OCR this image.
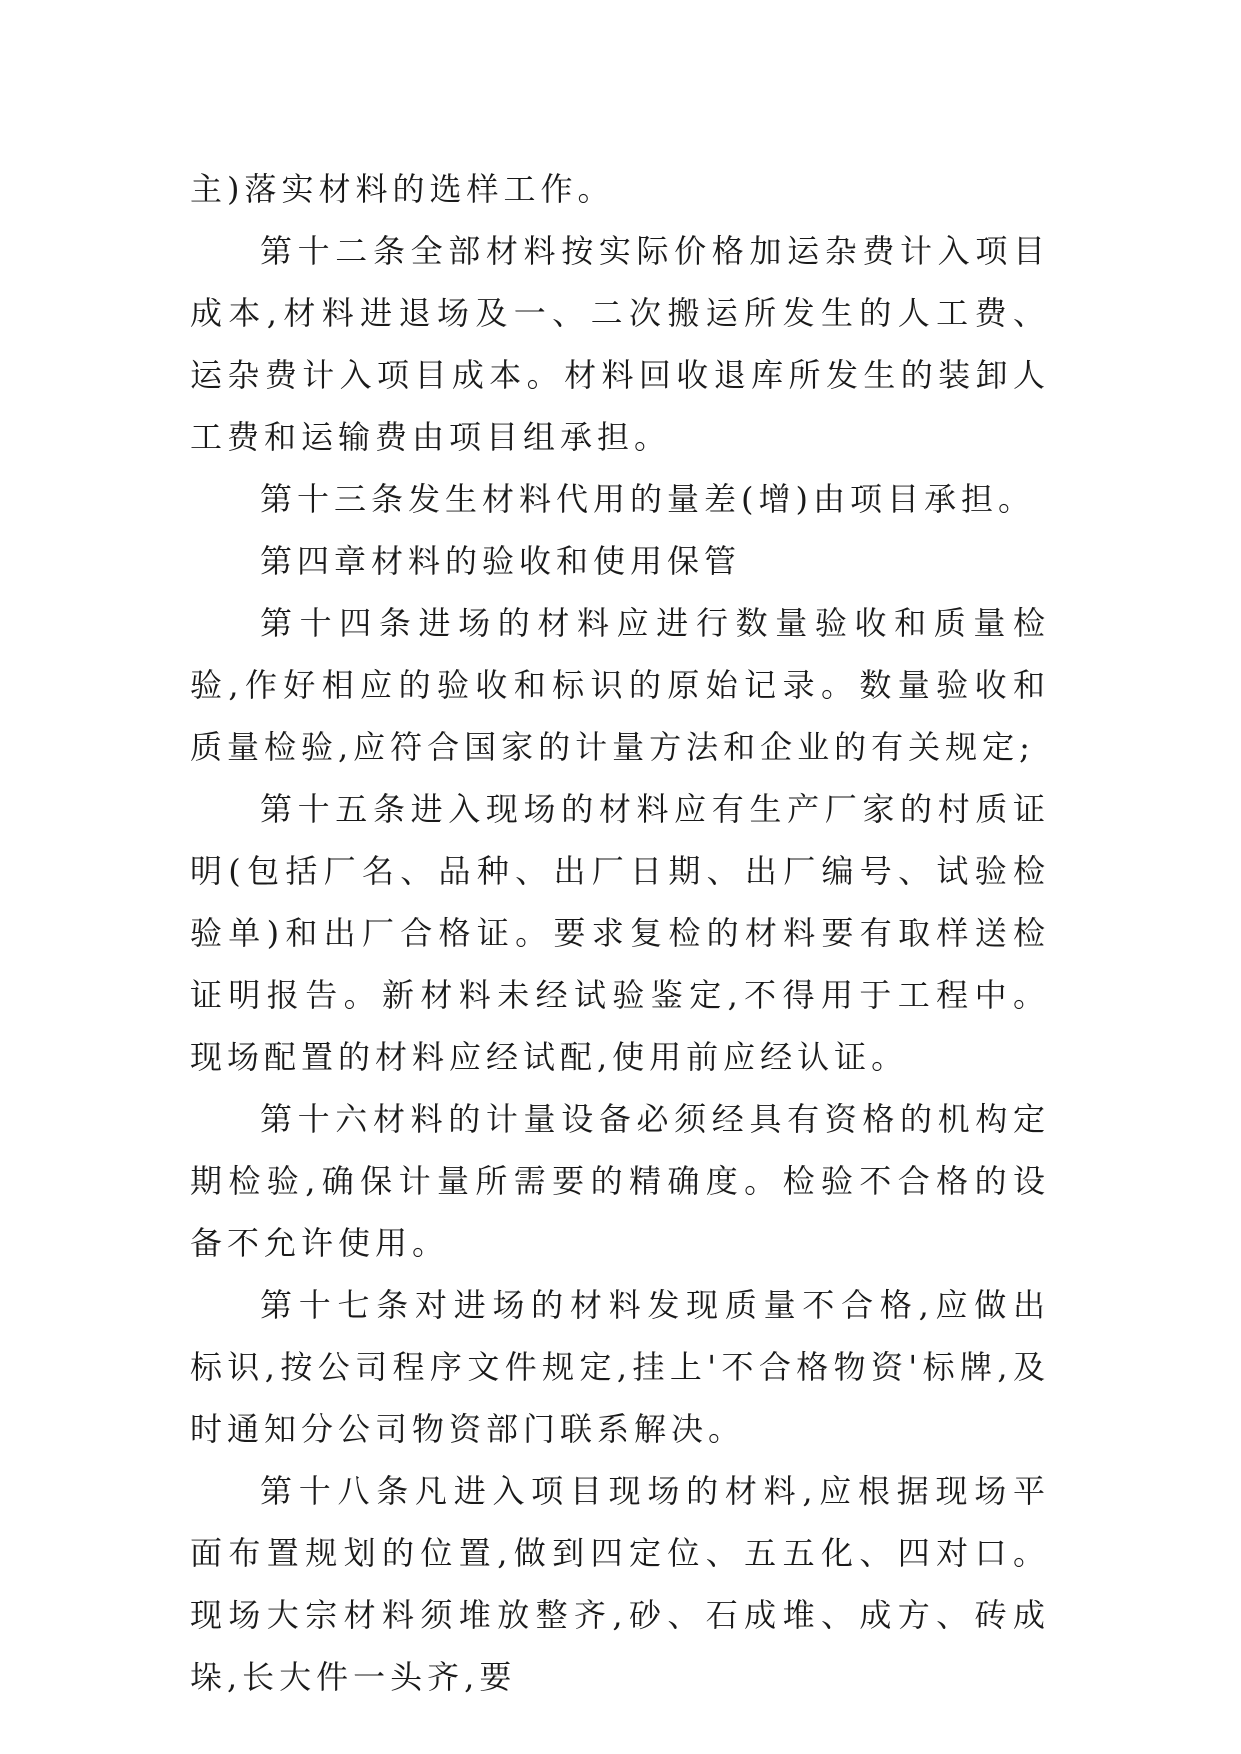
主)落实材料的选样工作。

第十二条全部材料按实际价格加运杂费计入项目成本,材料进退场及一、二次搬运所发生的人工费、运杂费计入项目成本。材料回收退库所发生的装卸人工费和运输费由项目组承担。

第十三条发生材料代用的量差(增)由项目承担。

第四章材料的验收和使用保管

第十四条进场的材料应进行数量验收和质量检验,作好相应的验收和标识的原始记录。数量验收和质量检验,应符合国家的计量方法和企业的有关规定;

第十五条进入现场的材料应有生产厂家的村质证明(包括厂名、品种、出厂日期、出厂编号、试验检验单)和出厂合格证。要求复检的材料要有取样送检证明报告。新材料未经试验鉴定,不得用于工程中。现场配置的材料应经试配,使用前应经认证。

第十六材料的计量设备必须经具有资格的机构定期检验,确保计量所需要的精确度。检验不合格的设备不允许使用。

第十七条对进场的材料发现质量不合格,应做出标识,按公司程序文件规定,挂上'不合格物资'标牌,及时通知分公司物资部门联系解决。

第十八条凡进入项目现场的材料,应根据现场平面布置规划的位置,做到四定位、五五化、四对口。现场大宗材料须堆放整齐,砂、石成堆、成方、砖成垛,长大件一头齐,要
